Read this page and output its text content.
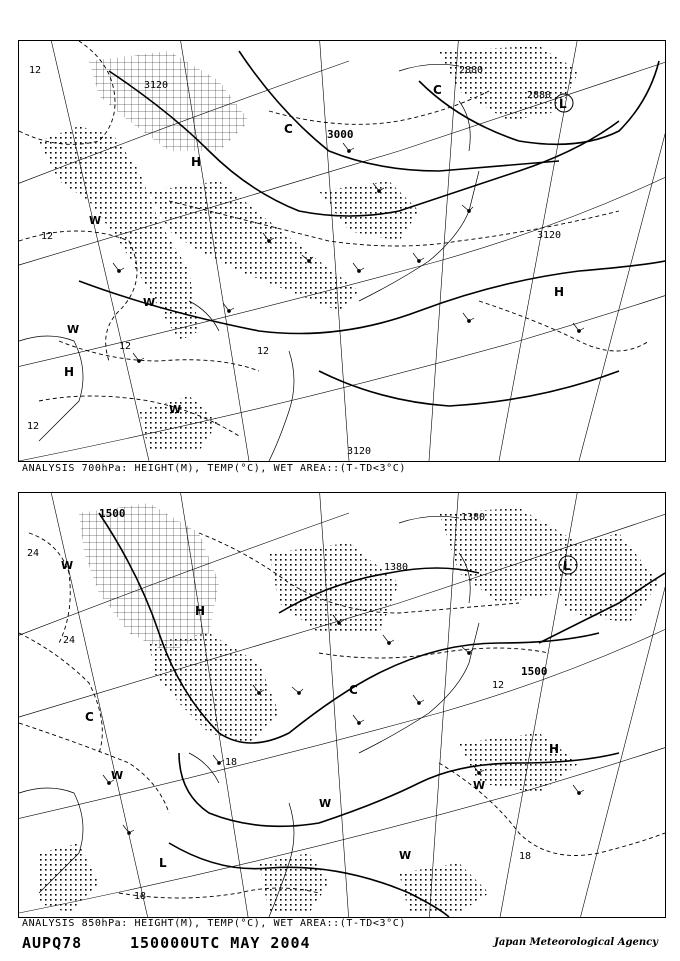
3120
3000
2880
2880
3120
3120
12
12
12	12
12
H
H
H
L
C
C
W
W
W
W
ANALYSIS 700hPa: HEIGHT(M), TEMP(°C), WET AREA::(T-TD<3°C)
1500
1380
1380
1500
24
24
18
18
12
18
H
H
L
L
C
C
W
W
W
W
W
ANALYSIS 850hPa: HEIGHT(M), TEMP(°C), WET AREA::(T-TD<3°C)
AUPQ78	150000UTC MAY 2004	Japan Meteorological Agency
